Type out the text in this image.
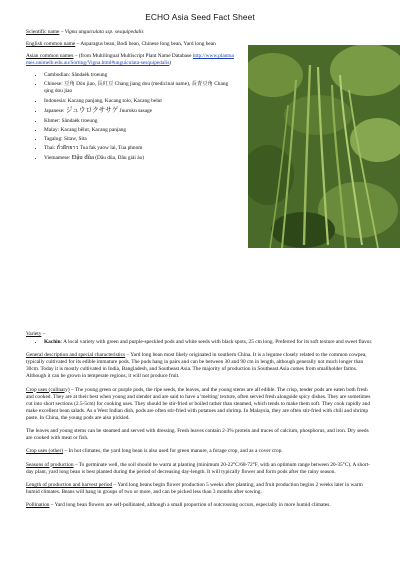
ECHO Asia Seed Fact Sheet

Scientific name – Vigna unguiculata ssp. sesquipedalis

English common name – Asparagus bean, Bodi bean, Chinese long bean, Yard long bean

Asian common names – (from Multilingual Multiscript Plant Name Database http://www.plantnames.unimelb.edu.au/Sorting/Vigna.html#unguiculata-sesquipedalis)

• Cambodian: Sândaèk troeung
• Chinese: 豆角 Dòu jiao, 長豇豆 Chang jiang dou (medicinal name), 長青豆角 Chang qing dou jiao
• Indonesia: Kacang panjang, Kacang tolo, Kacang belut
• Japanese: ジュウロクササゲ Juuroku sasage
• Khmer: Sândaèk troeung
• Malay: Kacang bêlut, Kacang panjang
• Tagalog: Sitaw, Sita
• Thai: ถั่วฝักยาว Tua fak yaow lai, Tua phnom
• Vietnamese: Đậu đũa (Dâu dũa, Dâu giải áo)

Variety –

• Kachin: A local variety with green and purple-speckled pods and white seeds with black spots, 25 cm long. Preferred for its soft texture and sweet flavor.

General description and special characteristics – Yard long bean most likely originated in southern China. It is a legume closely related to the common cowpea, typically cultivated for its edible immature pods. The pods hang in pairs and can be between 30 and 90 cm in length, although generally not much longer than 30cm. Today it is mostly cultivated in India, Bangladesh, and Southeast Asia. The majority of production in Southeast Asia comes from smallholder farms. Although it can be grown in temperate regions, it will not produce fruit.

Crop uses (culinary) – The young green or purple pods, the ripe seeds, the leaves, and the young stems are all edible. The crisp, tender pods are eaten both fresh and cooked. They are at their best when young and slender and are said to have a 'melting' texture, often served fresh alongside spicy dishes. They are sometimes cut into short sections (2.5-5cm) for cooking uses. They should be stir-fried or boiled rather than steamed, which tends to make them soft. They cook rapidly and make excellent bean salads. As a West Indian dish, pods are often stir-fried with potatoes and shrimp. In Malaysia, they are often stir-fried with chili and shrimp paste. In China, the young pods are also pickled.

The leaves and young stems can be steamed and served with dressing. Fresh leaves contain 2-3% protein and traces of calcium, phosphorus, and iron. Dry seeds are cooked with meat or fish.

Crop uses (other) – In hot climates, the yard long bean is also used for green manure, a forage crop, and as a cover crop.

Seasons of production – To germinate well, the soil should be warm at planting (minimum 20-22°C/68-72°F, with an optimum range between 20-35°C). A short-day plant, yard long bean is best planted during the period of decreasing day-length. It will typically flower and form pods after the rainy season.

Length of production and harvest period – Yard long beans begin flower production 5 weeks after planting, and fruit production begins 2 weeks later in warm humid climates. Beans will hang in groups of two or more, and can be picked less than 3 months after sowing.

Pollination – Yard long bean flowers are self-pollinated, although a small proportion of outcrossing occurs, especially in more humid climates.
